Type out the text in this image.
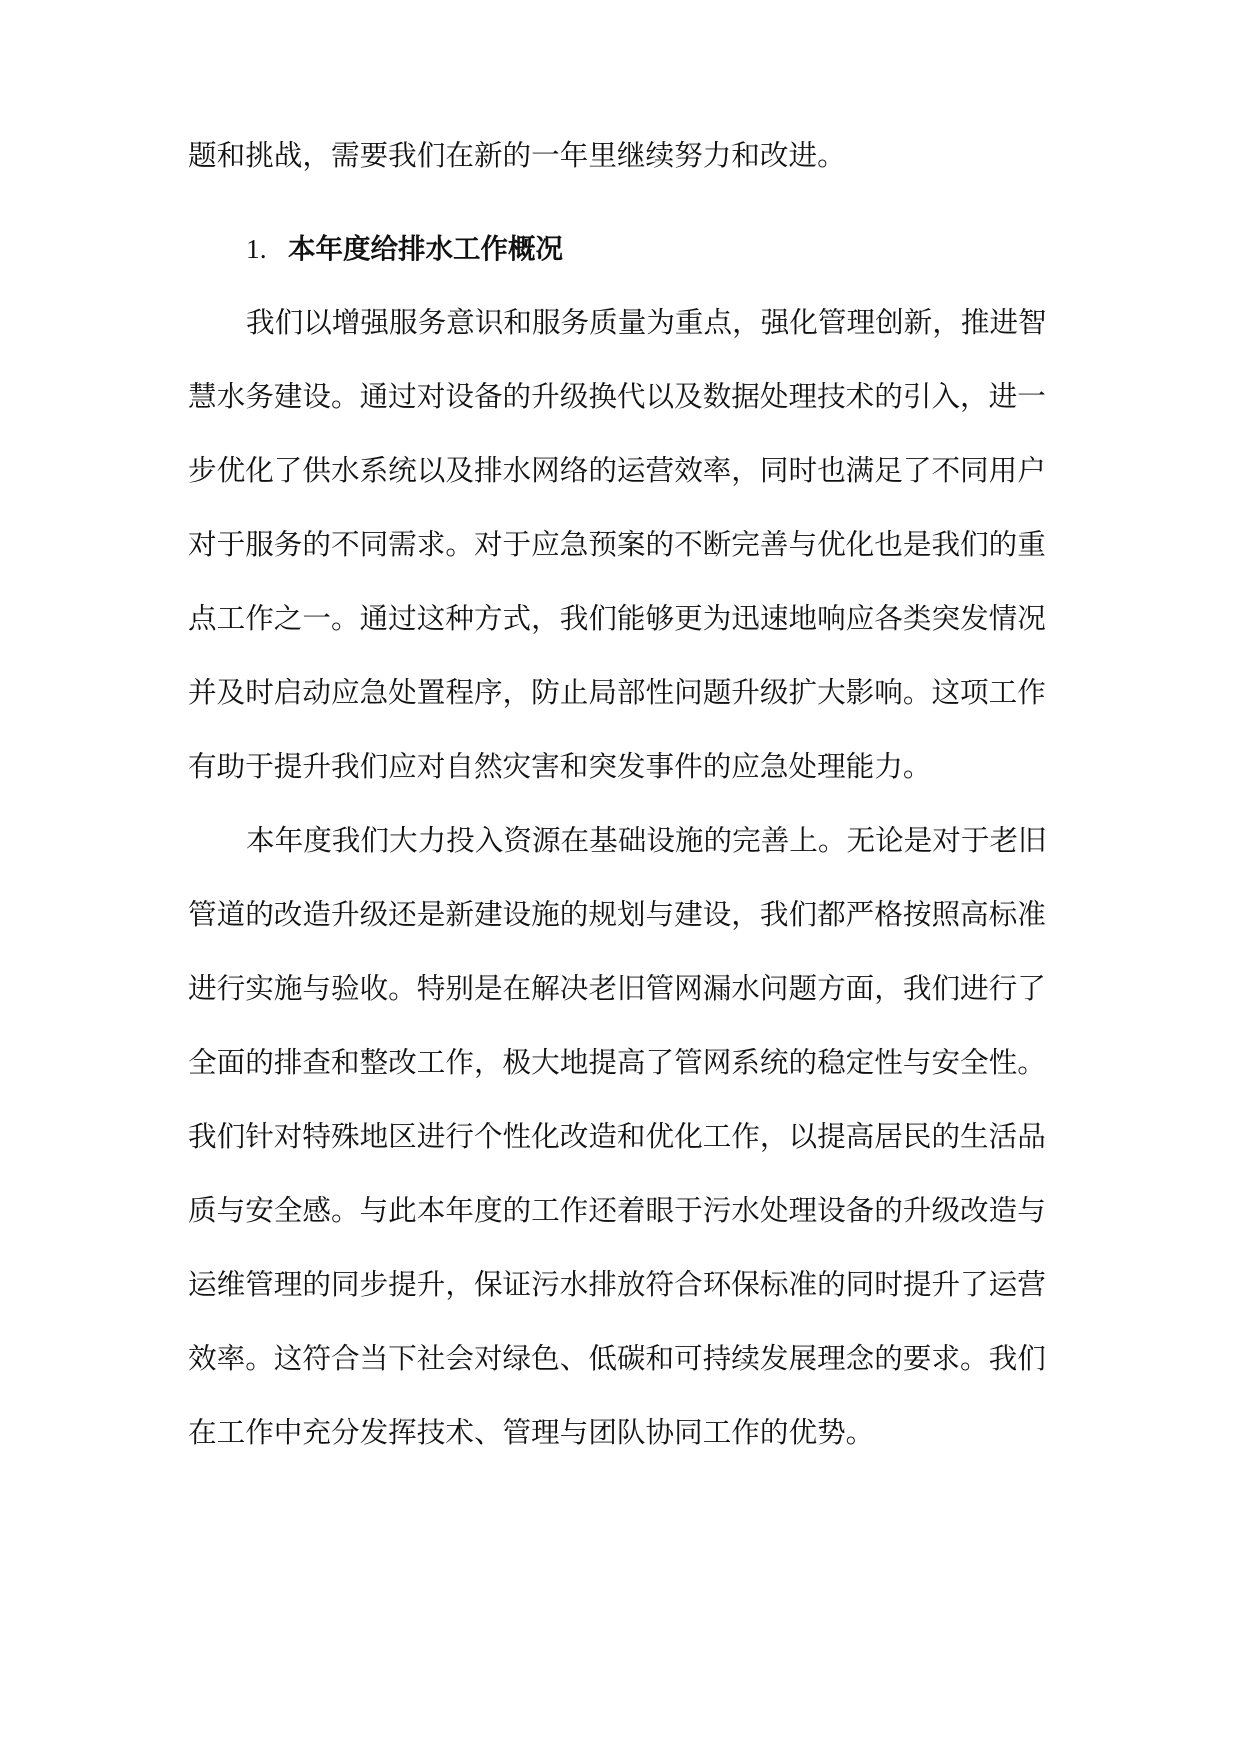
题和挑战，需要我们在新的一年里继续努力和改进。
1. 本年度给排水工作概况
我们以增强服务意识和服务质量为重点，强化管理创新，推进智
慧水务建设。通过对设备的升级换代以及数据处理技术的引入，进一
步优化了供水系统以及排水网络的运营效率，同时也满足了不同用户
对于服务的不同需求。对于应急预案的不断完善与优化也是我们的重
点工作之一。通过这种方式，我们能够更为迅速地响应各类突发情况
并及时启动应急处置程序，防止局部性问题升级扩大影响。这项工作
有助于提升我们应对自然灾害和突发事件的应急处理能力。
本年度我们大力投入资源在基础设施的完善上。无论是对于老旧
管道的改造升级还是新建设施的规划与建设，我们都严格按照高标准
进行实施与验收。特别是在解决老旧管网漏水问题方面，我们进行了
全面的排查和整改工作，极大地提高了管网系统的稳定性与安全性。
我们针对特殊地区进行个性化改造和优化工作，以提高居民的生活品
质与安全感。与此本年度的工作还着眼于污水处理设备的升级改造与
运维管理的同步提升，保证污水排放符合环保标准的同时提升了运营
效率。这符合当下社会对绿色、低碳和可持续发展理念的要求。我们
在工作中充分发挥技术、管理与团队协同工作的优势。
